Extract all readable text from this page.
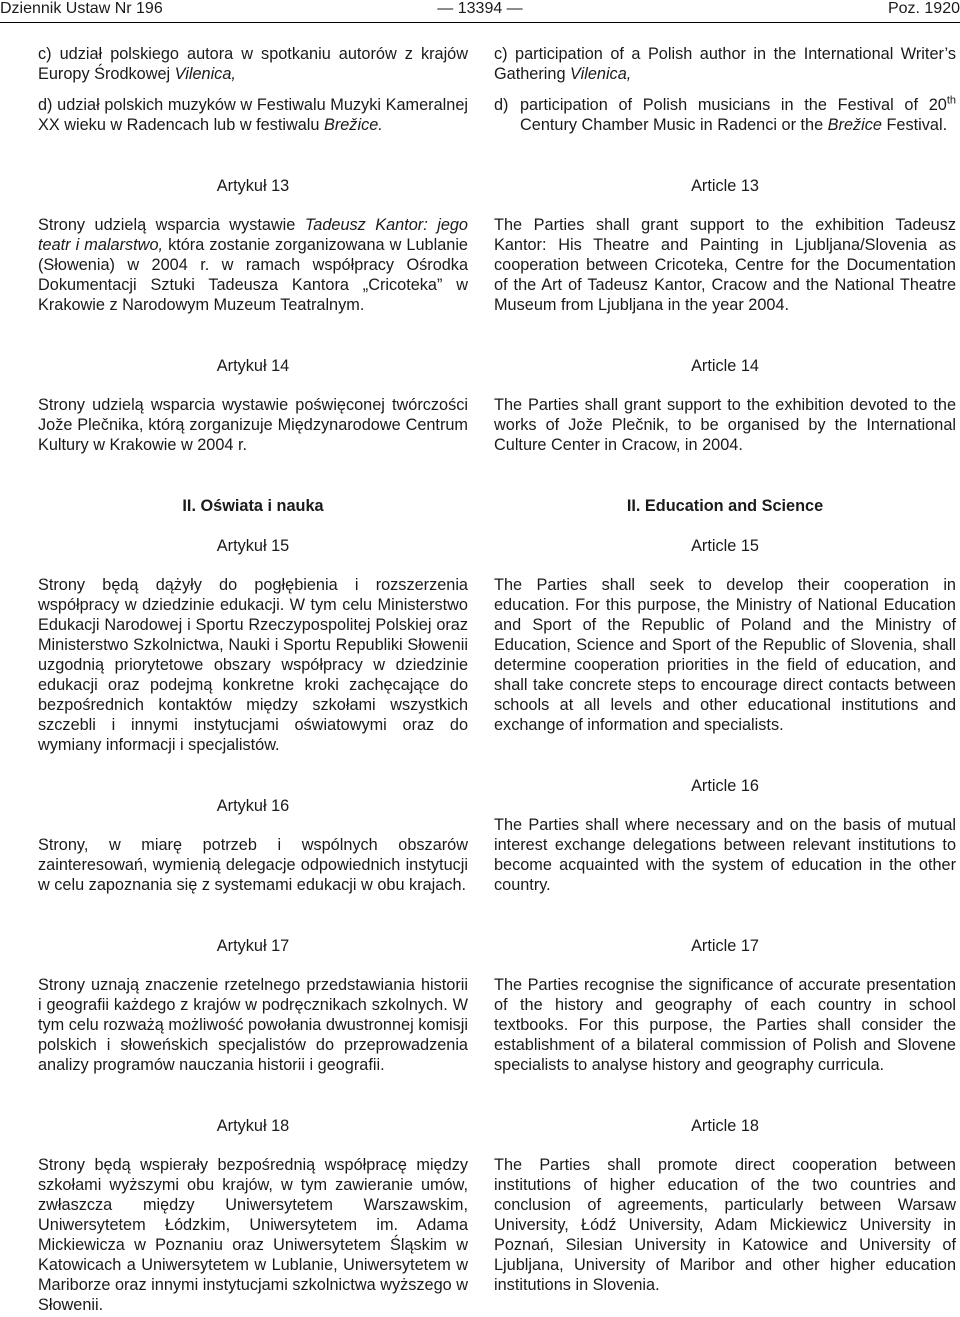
Dziennik Ustaw Nr 196	— 13394 —	Poz. 1920

c) udział polskiego autora w spotkaniu autorów z krajów Europy Środkowej Vilenica,

d) udział polskich muzyków w Festiwalu Muzyki Kameralnej XX wieku w Radencach lub w festiwalu Brežice.

Artykuł 13

Strony udzielą wsparcia wystawie Tadeusz Kantor: jego teatr i malarstwo, która zostanie zorganizowana w Lublanie (Słowenia) w 2004 r. w ramach współpracy Ośrodka Dokumentacji Sztuki Tadeusza Kantora „Cricoteka” w Krakowie z Narodowym Muzeum Teatralnym.

Artykuł 14

Strony udzielą wsparcia wystawie poświęconej twórczości Jože Plečnika, którą zorganizuje Międzynarodowe Centrum Kultury w Krakowie w 2004 r.

II. Oświata i nauka

Artykuł 15

Strony będą dążyły do pogłębienia i rozszerzenia współpracy w dziedzinie edukacji. W tym celu Ministerstwo Edukacji Narodowej i Sportu Rzeczypospolitej Polskiej oraz Ministerstwo Szkolnictwa, Nauki i Sportu Republiki Słowenii uzgodnią priorytetowe obszary współpracy w dziedzinie edukacji oraz podejmą konkretne kroki zachęcające do bezpośrednich kontaktów między szkołami wszystkich szczebli i innymi instytucjami oświatowymi oraz do wymiany informacji i specjalistów.

Artykuł 16

Strony, w miarę potrzeb i wspólnych obszarów zainteresowań, wymienią delegacje odpowiednich instytucji w celu zapoznania się z systemami edukacji w obu krajach.

Artykuł 17

Strony uznają znaczenie rzetelnego przedstawiania historii i geografii każdego z krajów w podręcznikach szkolnych. W tym celu rozważą możliwość powołania dwustronnej komisji polskich i słoweńskich specjalistów do przeprowadzenia analizy programów nauczania historii i geografii.

Artykuł 18

Strony będą wspierały bezpośrednią współpracę między szkołami wyższymi obu krajów, w tym zawieranie umów, zwłaszcza między Uniwersytetem Warszawskim, Uniwersytetem Łódzkim, Uniwersytetem im. Adama Mickiewicza w Poznaniu oraz Uniwersytetem Śląskim w Katowicach a Uniwersytetem w Lublanie, Uniwersytetem w Mariborze oraz innymi instytucjami szkolnictwa wyższego w Słowenii.

c) participation of a Polish author in the International Writer’s Gathering Vilenica,

d) participation of Polish musicians in the Festival of 20th Century Chamber Music in Radenci or the Brežice Festival.

Article 13

The Parties shall grant support to the exhibition Tadeusz Kantor: His Theatre and Painting in Ljubljana/Slovenia as cooperation between Cricoteka, Centre for the Documentation of the Art of Tadeusz Kantor, Cracow and the National Theatre Museum from Ljubljana in the year 2004.

Article 14

The Parties shall grant support to the exhibition devoted to the works of Jože Plečnik, to be organised by the International Culture Center in Cracow, in 2004.

II. Education and Science

Article 15

The Parties shall seek to develop their cooperation in education. For this purpose, the Ministry of National Education and Sport of the Republic of Poland and the Ministry of Education, Science and Sport of the Republic of Slovenia, shall determine cooperation priorities in the field of education, and shall take concrete steps to encourage direct contacts between schools at all levels and other educational institutions and exchange of information and specialists.

Article 16

The Parties shall where necessary and on the basis of mutual interest exchange delegations between relevant institutions to become acquainted with the system of education in the other country.

Article 17

The Parties recognise the significance of accurate presentation of the history and geography of each country in school textbooks. For this purpose, the Parties shall consider the establishment of a bilateral commission of Polish and Slovene specialists to analyse history and geography curricula.

Article 18

The Parties shall promote direct cooperation between institutions of higher education of the two countries and conclusion of agreements, particularly between Warsaw University, Łódź University, Adam Mickiewicz University in Poznań, Silesian University in Katowice and University of Ljubljana, University of Maribor and other higher education institutions in Slovenia.
